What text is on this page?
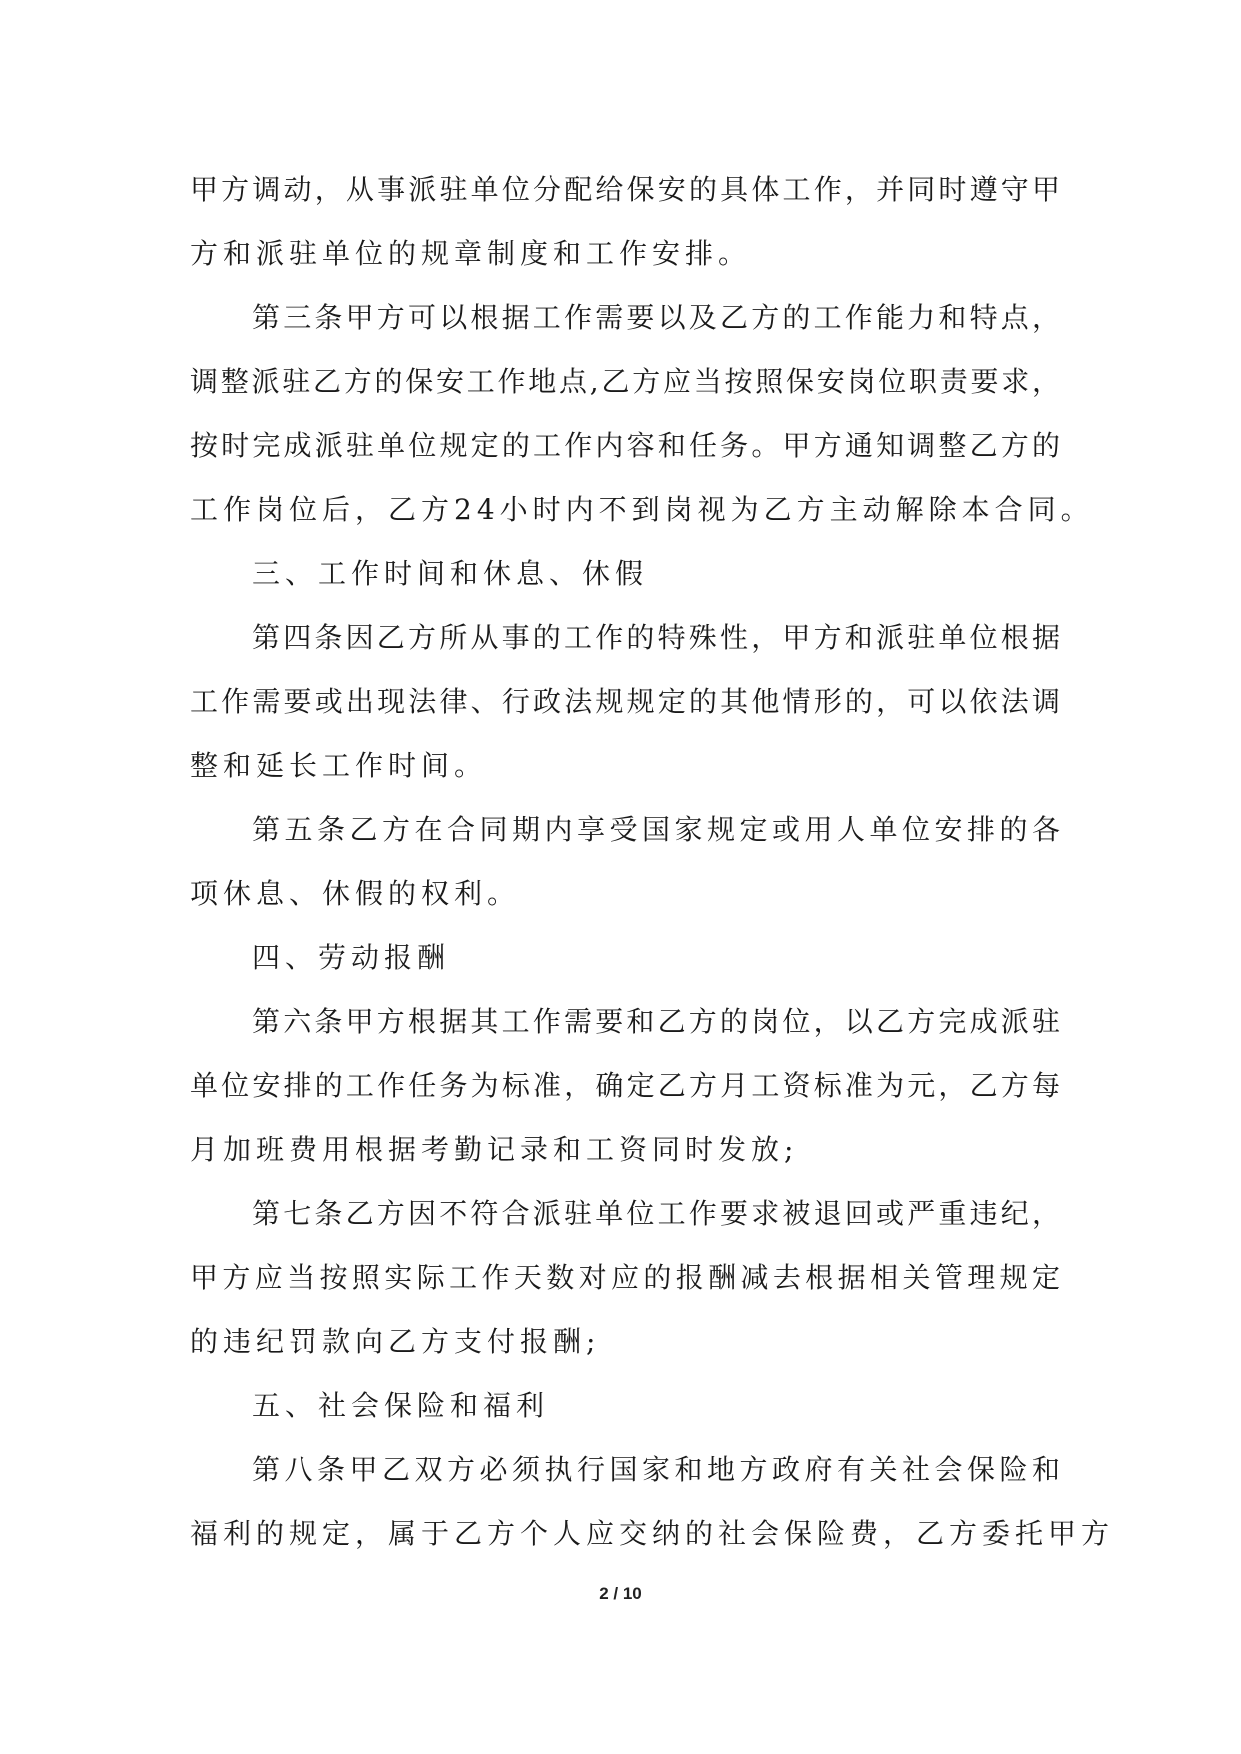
甲方调动，从事派驻单位分配给保安的具体工作，并同时遵守甲
方和派驻单位的规章制度和工作安排。
第三条甲方可以根据工作需要以及乙方的工作能力和特点，
调整派驻乙方的保安工作地点,乙方应当按照保安岗位职责要求，
按时完成派驻单位规定的工作内容和任务。甲方通知调整乙方的
工作岗位后，乙方24小时内不到岗视为乙方主动解除本合同。
三、工作时间和休息、休假
第四条因乙方所从事的工作的特殊性，甲方和派驻单位根据
工作需要或出现法律、行政法规规定的其他情形的，可以依法调
整和延长工作时间。
第五条乙方在合同期内享受国家规定或用人单位安排的各
项休息、休假的权利。
四、劳动报酬
第六条甲方根据其工作需要和乙方的岗位，以乙方完成派驻
单位安排的工作任务为标准，确定乙方月工资标准为元，乙方每
月加班费用根据考勤记录和工资同时发放;
第七条乙方因不符合派驻单位工作要求被退回或严重违纪，
甲方应当按照实际工作天数对应的报酬减去根据相关管理规定
的违纪罚款向乙方支付报酬;
五、社会保险和福利
第八条甲乙双方必须执行国家和地方政府有关社会保险和
福利的规定，属于乙方个人应交纳的社会保险费，乙方委托甲方
2 / 10
